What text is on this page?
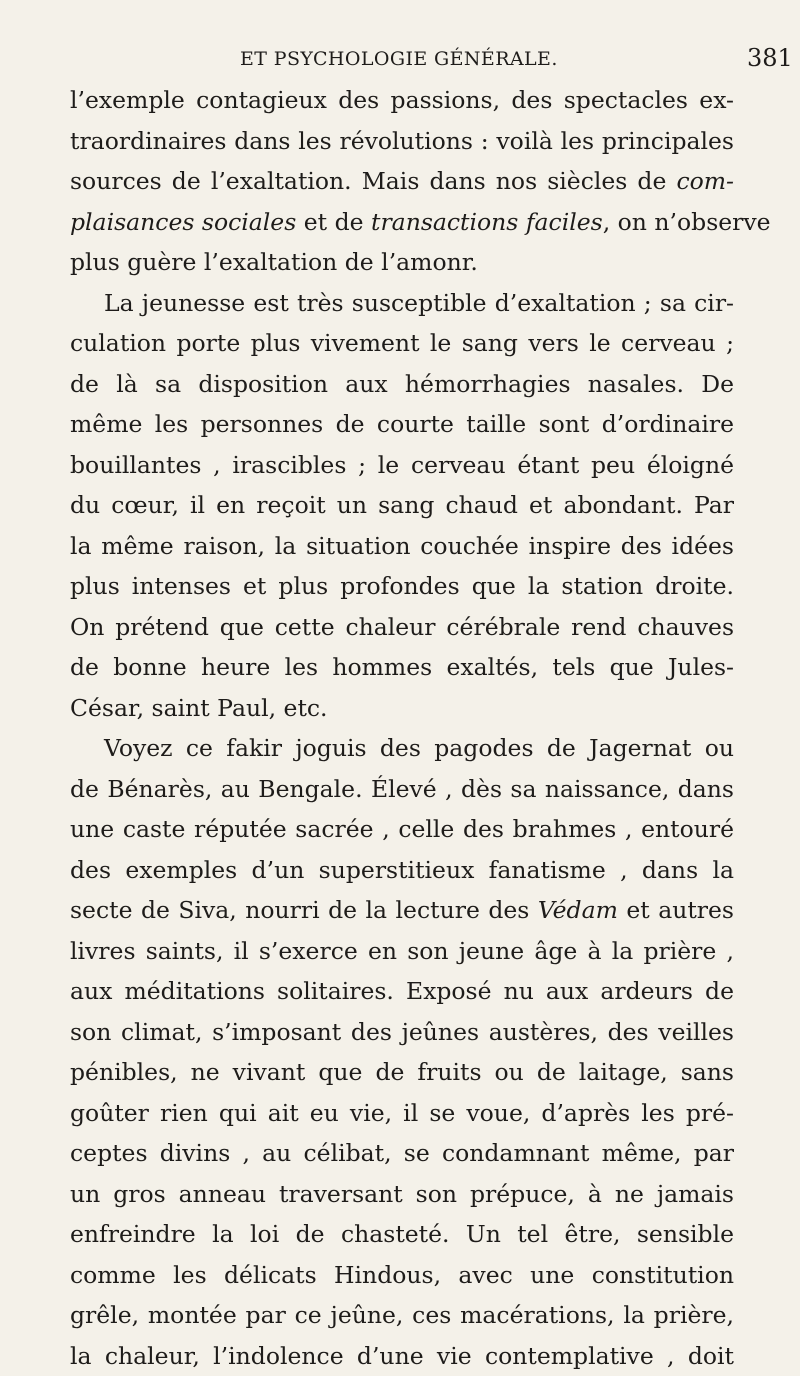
ET PSYCHOLOGIE GÉNÉRALE.	381
l’exemple contagieux des passions, des spectacles ex-
traordinaires dans les révolutions : voilà les principales
sources de l’exaltation. Mais dans nos siècles de com-
plaisances sociales et de transactions faciles, on n’observe
plus guère l’exaltation de l’amonr.
La jeunesse est très susceptible d’exaltation ; sa cir-
culation porte plus vivement le sang vers le cerveau ;
de là sa disposition aux hémorrhagies nasales. De
même les personnes de courte taille sont d’ordinaire
bouillantes , irascibles ; le cerveau étant peu éloigné
du cœur, il en reçoit un sang chaud et abondant. Par
la même raison, la situation couchée inspire des idées
plus intenses et plus profondes que la station droite.
On prétend que cette chaleur cérébrale rend chauves
de bonne heure les hommes exaltés, tels que Jules-
César, saint Paul, etc.
Voyez ce fakir joguis des pagodes de Jagernat ou
de Bénarès, au Bengale. Élevé , dès sa naissance, dans
une caste réputée sacrée , celle des brahmes , entouré
des exemples d’un superstitieux fanatisme , dans la
secte de Siva, nourri de la lecture des Védam et autres
livres saints, il s’exerce en son jeune âge à la prière ,
aux méditations solitaires. Exposé nu aux ardeurs de
son climat, s’imposant des jeûnes austères, des veilles
pénibles, ne vivant que de fruits ou de laitage, sans
goûter rien qui ait eu vie, il se voue, d’après les pré-
ceptes divins , au célibat, se condamnant même, par
un gros anneau traversant son prépuce, à ne jamais
enfreindre la loi de chasteté. Un tel être, sensible
comme les délicats Hindous, avec une constitution
grêle, montée par ce jeûne, ces macérations, la prière,
la chaleur, l’indolence d’une vie contemplative , doit
